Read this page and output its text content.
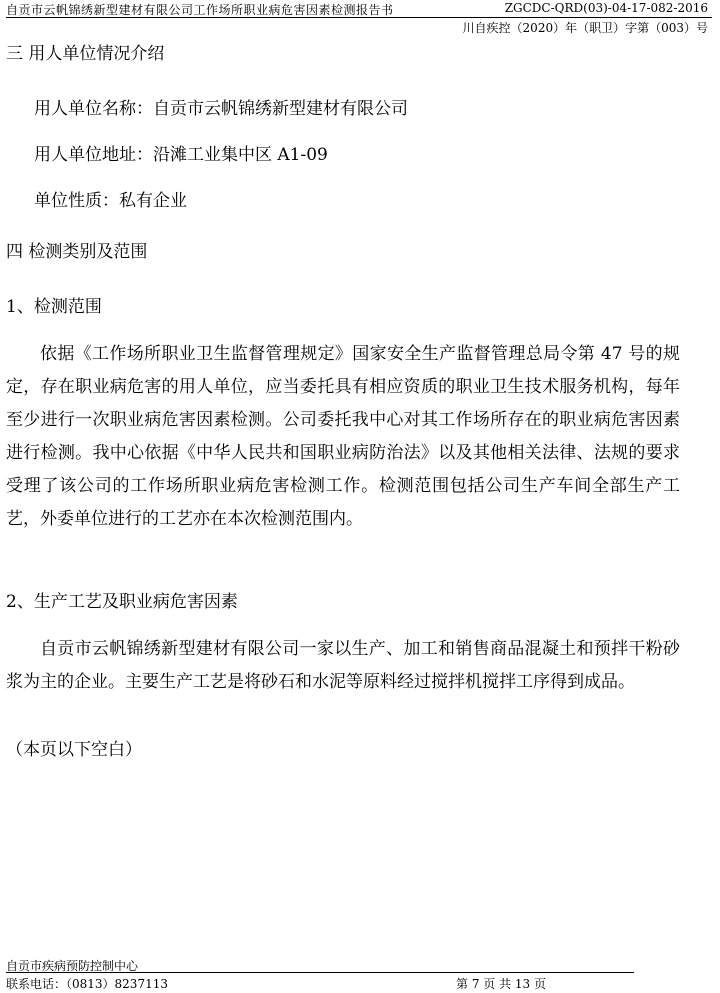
自贡市云帆锦绣新型建材有限公司工作场所职业病危害因素检测报告书	ZGCDC-QRD(03)-04-17-082-2016
川自疾控（2020）年（职卫）字第（003）号
三 用人单位情况介绍
用人单位名称：自贡市云帆锦绣新型建材有限公司
用人单位地址：沿滩工业集中区 A1-09
单位性质：私有企业
四 检测类别及范围
1、检测范围
依据《工作场所职业卫生监督管理规定》国家安全生产监督管理总局令第 47 号的规定，存在职业病危害的用人单位，应当委托具有相应资质的职业卫生技术服务机构，每年至少进行一次职业病危害因素检测。公司委托我中心对其工作场所存在的职业病危害因素进行检测。我中心依据《中华人民共和国职业病防治法》以及其他相关法律、法规的要求受理了该公司的工作场所职业病危害检测工作。检测范围包括公司生产车间全部生产工艺，外委单位进行的工艺亦在本次检测范围内。
2、生产工艺及职业病危害因素
自贡市云帆锦绣新型建材有限公司一家以生产、加工和销售商品混凝土和预拌干粉砂浆为主的企业。主要生产工艺是将砂石和水泥等原料经过搅拌机搅拌工序得到成品。
（本页以下空白）
自贡市疾病预防控制中心
联系电话：（0813）8237113	第 7 页 共 13 页
